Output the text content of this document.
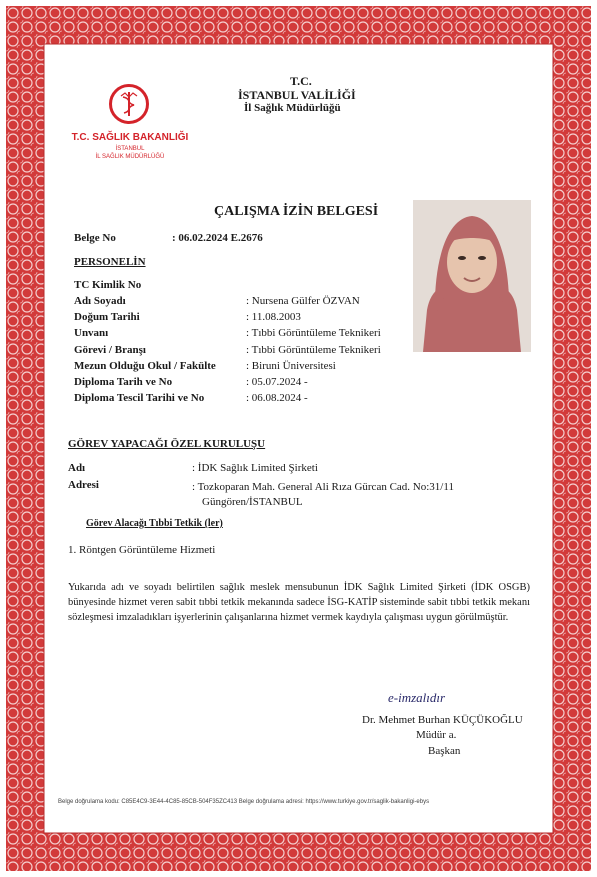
T.C. SAĞLIK BAKANLIĞI
İSTANBUL
İL SAĞLIK MÜDÜRLÜĞÜ
T.C.
İSTANBUL VALİLİĞİ
İl Sağlık Müdürlüğü
ÇALIŞMA İZİN BELGESİ
Belge No	: 06.02.2024 E.2676
PERSONELİN
TC Kimlik No
Adı Soyadı	: Nursena Gülfer ÖZVAN
Doğum Tarihi	: 11.08.2003
Unvanı	: Tıbbi Görüntüleme Teknikeri
Görevi / Branşı	: Tıbbi Görüntüleme Teknikeri
Mezun Olduğu Okul / Fakülte	: Biruni Üniversitesi
Diploma Tarih ve No	: 05.07.2024 -
Diploma Tescil Tarihi ve No	: 06.08.2024 -
GÖREV YAPACAĞI ÖZEL KURULUŞU
Adı	: İDK Sağlık Limited Şirketi
Adresi	: Tozkoparan Mah. General Ali Rıza Gürcan Cad. No:31/11
Güngören/İSTANBUL
Görev Alacağı Tıbbi Tetkik (ler)
1. Röntgen Görüntüleme Hizmeti
Yukarıda adı ve soyadı belirtilen sağlık meslek mensubunun İDK Sağlık Limited Şirketi (İDK OSGB) bünyesinde hizmet veren sabit tıbbi tetkik mekanında sadece İSG-KATİP sisteminde sabit tıbbi tetkik mekanı sözleşmesi imzaladıkları işyerlerinin çalışanlarına hizmet vermek kaydıyla çalışması uygun görülmüştür.
e-imzalıdır
Dr. Mehmet Burhan KÜÇÜKOĞLU
Müdür a.
Başkan
Belge doğrulama kodu: C85E4C9-3E44-4C85-85CB-504F35ZC413 Belge doğrulama adresi: https://www.turkiye.gov.tr/saglik-bakanligi-ebys
